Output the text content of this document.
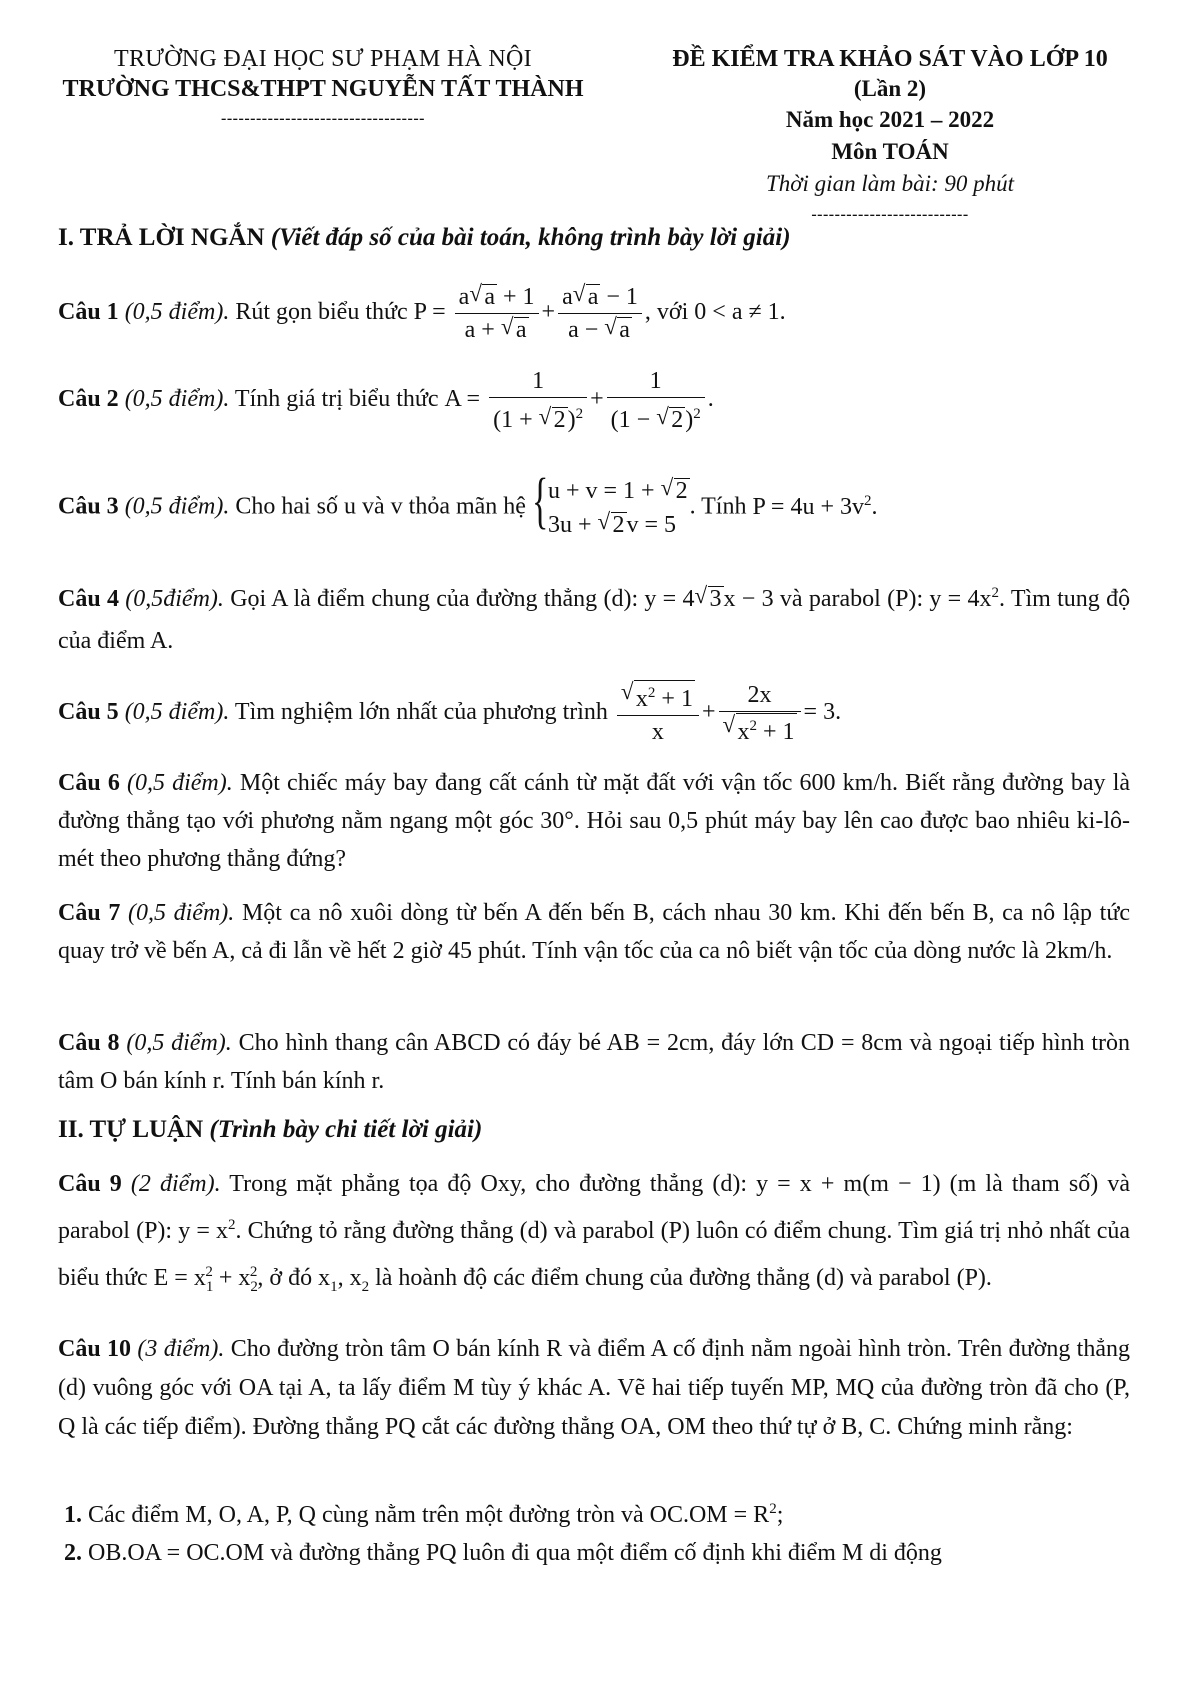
TRƯỜNG ĐẠI HỌC SƯ PHẠM HÀ NỘI
TRƯỜNG THCS&THPT NGUYỄN TẤT THÀNH
-----------------------------------
ĐỀ KIỂM TRA KHẢO SÁT VÀO LỚP 10
(Lần 2)
Năm học 2021 – 2022
Môn TOÁN
Thời gian làm bài: 90 phút
---------------------------
I. TRẢ LỜI NGẮN (Viết đáp số của bài toán, không trình bày lời giải)
Câu 1 (0,5 điểm). Rút gọn biểu thức $P = \frac{a √ a + 1}{a + √ a} + \frac{a √ a - 1}{a - √ a}$ , với 0 < a ≠ 1.
Câu 2 (0,5 điểm). Tính giá trị biểu thức $A = \frac{1}{(1 + √ 2)^2} + \frac{1}{(1 - √ 2)^2}$ .
Câu 3 (0,5 điểm). Cho hai số u và v thỏa mãn hệ { u + v = 1 + √ 2
3u + √ 2v = 5
. Tính $P = 4u + 3v^2$.
Câu 4 (0,5điểm). Gọi A là điểm chung của đường thẳng (d): y = 4 √ 3x − 3 và parabol (P): $y = 4x^2$. Tìm tung độ của điểm A.
Câu 5 (0,5 điểm). Tìm nghiệm lớn nhất của phương trình √ $\frac{x^2 + 1}{x} + 2x$
√ $x^2 + 1 = 3$.
Câu 6 (0,5 điểm). Một chiếc máy bay đang cất cánh từ mặt đất với vận tốc 600 km/h. Biết rằng đường bay là đường thẳng tạo với phương nằm ngang một góc 30°. Hỏi sau 0,5 phút máy bay lên cao được bao nhiêu ki-lô-mét theo phương thẳng đứng?
Câu 7 (0,5 điểm). Một ca nô xuôi dòng từ bến A đến bến B, cách nhau 30 km. Khi đến bến B, ca nô lập tức quay trở về bến A, cả đi lẫn về hết 2 giờ 45 phút. Tính vận tốc của ca nô biết vận tốc của dòng nước là 2km/h.
Câu 8 (0,5 điểm). Cho hình thang cân ABCD có đáy bé AB = 2cm, đáy lớn CD = 8cm và ngoại tiếp hình tròn tâm O bán kính r. Tính bán kính r.
II. TỰ LUẬN (Trình bày chi tiết lời giải)
Câu 9 (2 điểm). Trong mặt phẳng tọa độ Oxy, cho đường thẳng (d): y = x + m(m − 1) (m là tham số) và parabol (P): $y = x^2$. Chứng tỏ rằng đường thẳng (d) và parabol (P) luôn có điểm chung. Tìm giá trị nhỏ nhất của biểu thức $E = x_1^2 + x_2^2$, ở đó $x_1$, $x_2$ là hoành độ các điểm chung của đường thẳng (d) và parabol (P).
Câu 10 (3 điểm). Cho đường tròn tâm O bán kính R và điểm A cố định nằm ngoài hình tròn. Trên đường thẳng (d) vuông góc với OA tại A, ta lấy điểm M tùy ý khác A. Vẽ hai tiếp tuyến MP, MQ của đường tròn đã cho (P, Q là các tiếp điểm). Đường thẳng PQ cắt các đường thẳng OA, OM theo thứ tự ở B, C. Chứng minh rằng:
1. Các điểm M, O, A, P, Q cùng nằm trên một đường tròn và $OC.OM = R^2$;
2. OB.OA = OC.OM và đường thẳng PQ luôn đi qua một điểm cố định khi điểm M di động
